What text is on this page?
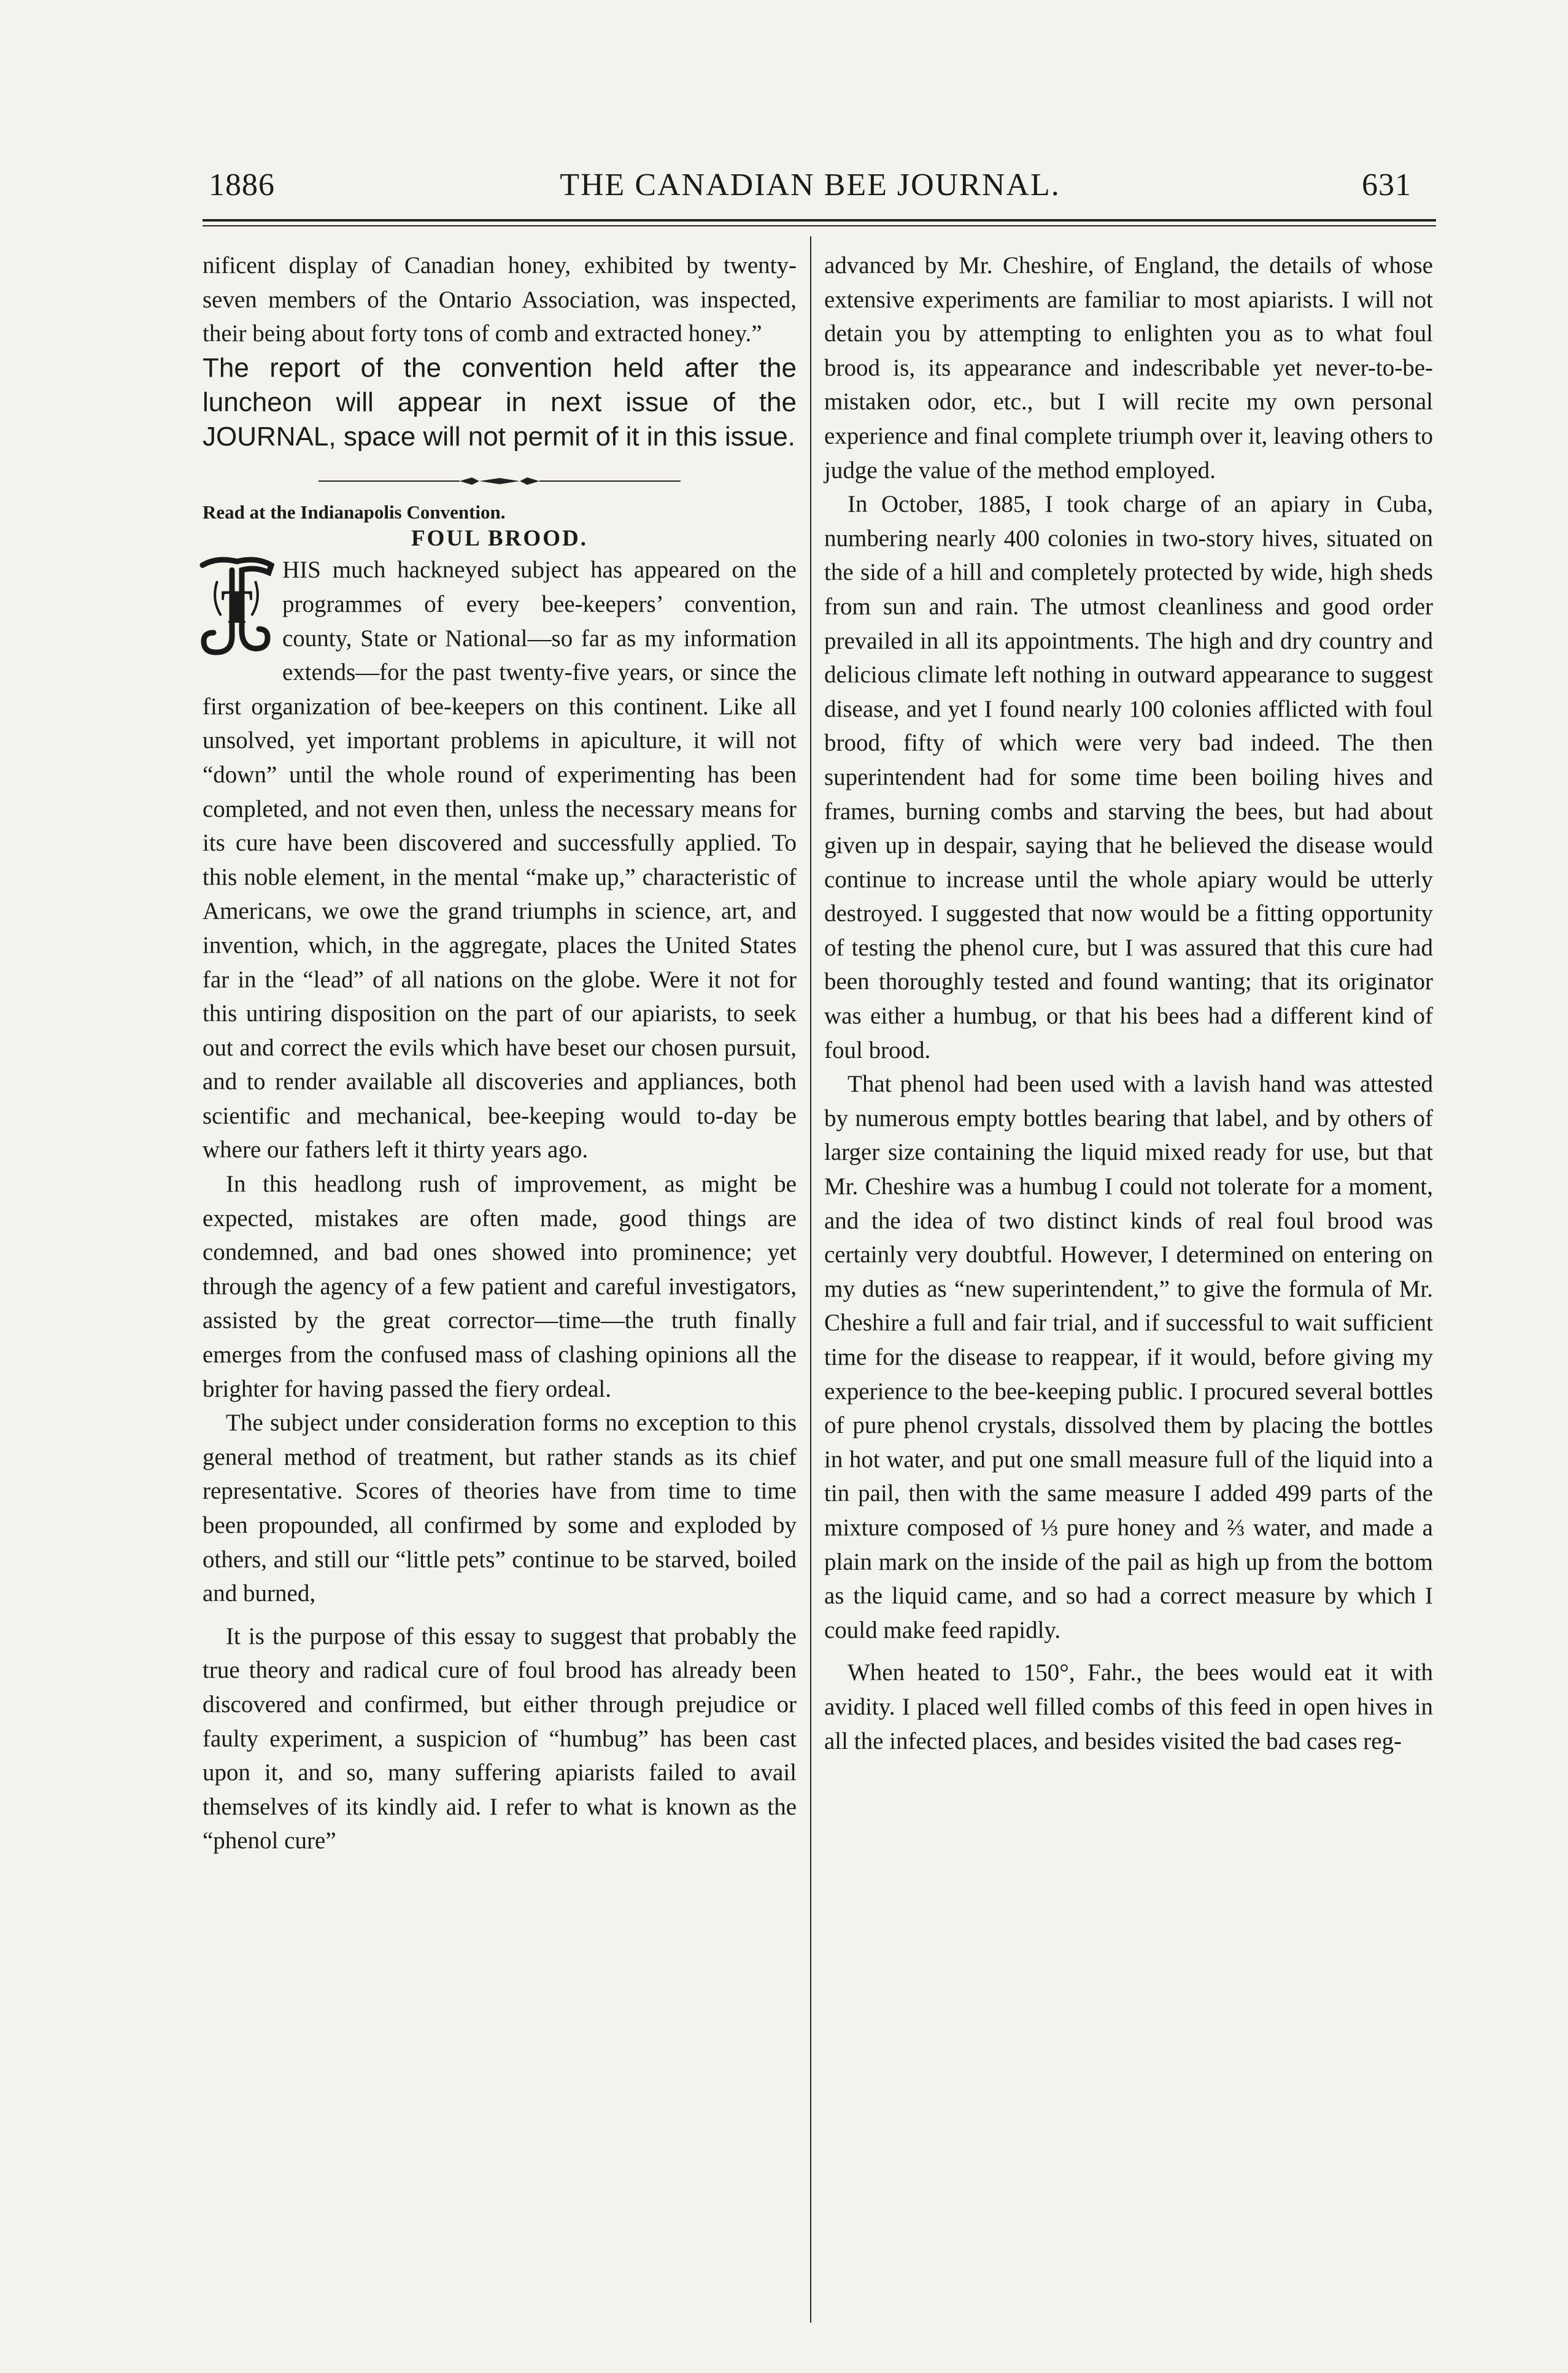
1886	THE CANADIAN BEE JOURNAL.	631

nificent display of Canadian honey, exhibited by twenty-seven members of the Ontario Association, was inspected, their being about forty tons of comb and extracted honey.”

The report of the convention held after the luncheon will appear in next issue of the JOURNAL, space will not permit of it in this issue.

Read at the Indianapolis Convention.

FOUL BROOD.

T

HIS much hackneyed subject has appeared on the programmes of every bee-keepers’ convention, county, State or National—so far as my information extends—for the past twenty-five years, or since the first organization of bee-keepers on this continent. Like all unsolved, yet important problems in apiculture, it will not “down” until the whole round of experimenting has been completed, and not even then, unless the necessary means for its cure have been discovered and successfully applied. To this noble element, in the mental “make up,” characteristic of Americans, we owe the grand triumphs in science, art, and invention, which, in the aggregate, places the United States far in the “lead” of all nations on the globe. Were it not for this untiring disposition on the part of our apiarists, to seek out and correct the evils which have beset our chosen pursuit, and to render available all discoveries and appliances, both scientific and mechanical, bee-keeping would to-day be where our fathers left it thirty years ago.

In this headlong rush of improvement, as might be expected, mistakes are often made, good things are condemned, and bad ones showed into prominence; yet through the agency of a few patient and careful investigators, assisted by the great corrector—time—the truth finally emerges from the confused mass of clashing opinions all the brighter for having passed the fiery ordeal.

The subject under consideration forms no exception to this general method of treatment, but rather stands as its chief representative. Scores of theories have from time to time been propounded, all confirmed by some and exploded by others, and still our “little pets” continue to be starved, boiled and burned,

It is the purpose of this essay to suggest that probably the true theory and radical cure of foul brood has already been discovered and confirmed, but either through prejudice or faulty experiment, a suspicion of “humbug” has been cast upon it, and so, many suffering apiarists failed to avail themselves of its kindly aid. I refer to what is known as the “phenol cure”

advanced by Mr. Cheshire, of England, the details of whose extensive experiments are familiar to most apiarists. I will not detain you by attempting to enlighten you as to what foul brood is, its appearance and indescribable yet never-to-be-mistaken odor, etc., but I will recite my own personal experience and final complete triumph over it, leaving others to judge the value of the method employed.

In October, 1885, I took charge of an apiary in Cuba, numbering nearly 400 colonies in two-story hives, situated on the side of a hill and completely protected by wide, high sheds from sun and rain. The utmost cleanliness and good order prevailed in all its appointments. The high and dry country and delicious climate left nothing in outward appearance to suggest disease, and yet I found nearly 100 colonies afflicted with foul brood, fifty of which were very bad indeed. The then superintendent had for some time been boiling hives and frames, burning combs and starving the bees, but had about given up in despair, saying that he believed the disease would continue to increase until the whole apiary would be utterly destroyed. I suggested that now would be a fitting opportunity of testing the phenol cure, but I was assured that this cure had been thoroughly tested and found wanting; that its originator was either a humbug, or that his bees had a different kind of foul brood.

That phenol had been used with a lavish hand was attested by numerous empty bottles bearing that label, and by others of larger size containing the liquid mixed ready for use, but that Mr. Cheshire was a humbug I could not tolerate for a moment, and the idea of two distinct kinds of real foul brood was certainly very doubtful. However, I determined on entering on my duties as “new superintendent,” to give the formula of Mr. Cheshire a full and fair trial, and if successful to wait sufficient time for the disease to reappear, if it would, before giving my experience to the bee-keeping public. I procured several bottles of pure phenol crystals, dissolved them by placing the bottles in hot water, and put one small measure full of the liquid into a tin pail, then with the same measure I added 499 parts of the mixture composed of ⅓ pure honey and ⅔ water, and made a plain mark on the inside of the pail as high up from the bottom as the liquid came, and so had a correct measure by which I could make feed rapidly.

When heated to 150°, Fahr., the bees would eat it with avidity. I placed well filled combs of this feed in open hives in all the infected places, and besides visited the bad cases reg-
